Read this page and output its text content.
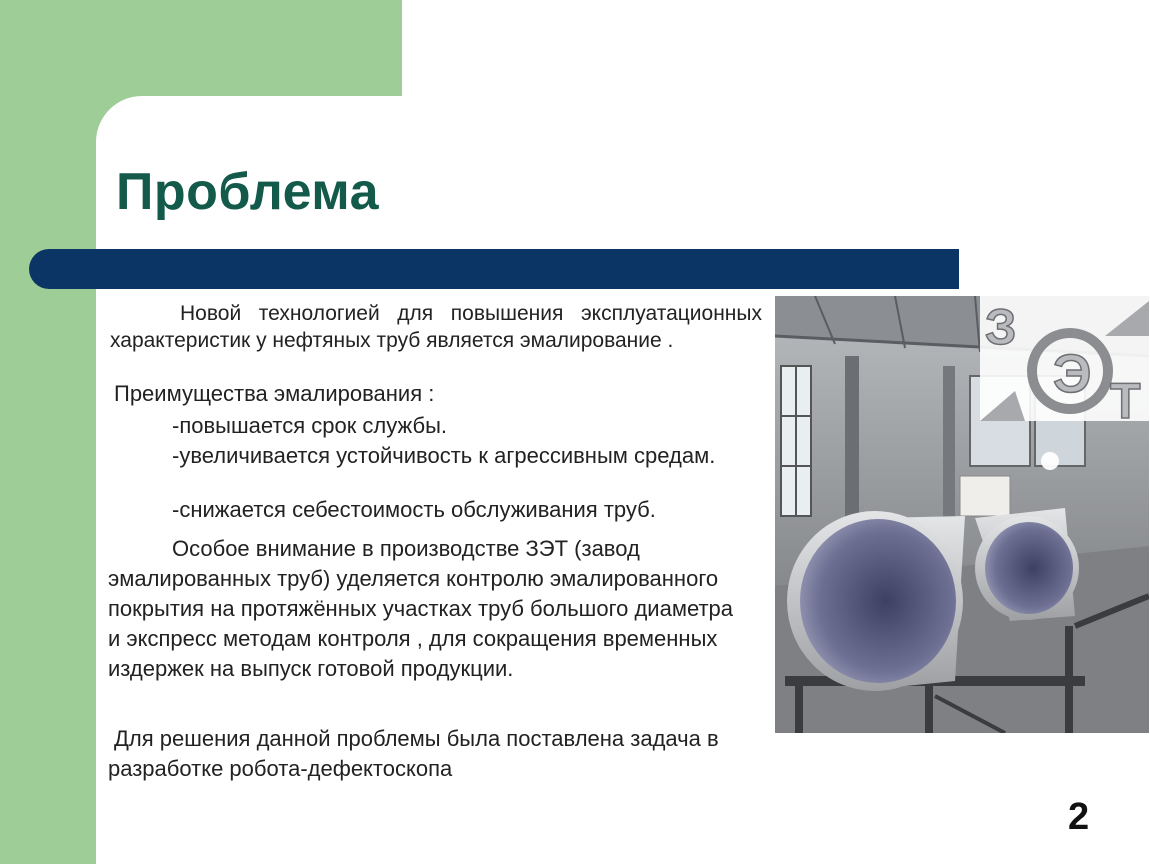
Проблема
Новой технологией для повышения эксплуатационных характеристик у нефтяных труб является эмалирование .
Преимущества эмалирования :
-повышается срок службы.
-увеличивается устойчивость к агрессивным средам.
-снижается себестоимость обслуживания труб.
Особое внимание в производстве ЗЭТ (завод эмалированных труб) уделяется контролю эмалированного покрытия на протяжённых участках труб большого диаметра и экспресс методам контроля , для сокращения временных издержек на выпуск готовой продукции.
Для решения данной проблемы была поставлена задача в разработке робота-дефектоскопа
З
Э Т
2
